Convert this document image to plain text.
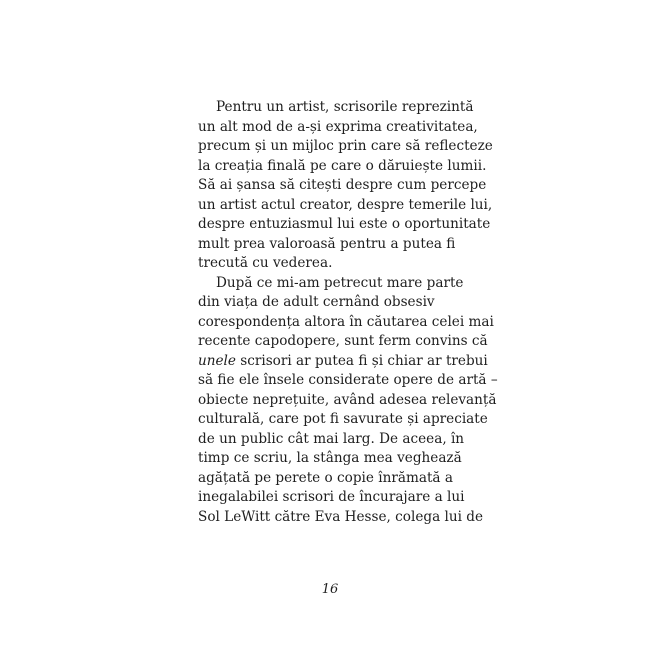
Pentru un artist, scrisorile reprezintă
un alt mod de a-și exprima creativitatea,
precum și un mijloc prin care să reflecteze
la creația finală pe care o dăruiește lumii.
Să ai șansa să citești despre cum percepe
un artist actul creator, despre temerile lui,
despre entuziasmul lui este o oportunitate
mult prea valoroasă pentru a putea fi
trecută cu vederea.
După ce mi-am petrecut mare parte
din viața de adult cernând obsesiv
corespondența altora în căutarea celei mai
recente capodopere, sunt ferm convins că
unele scrisori ar putea fi și chiar ar trebui
să fie ele însele considerate opere de artă –
obiecte neprețuite, având adesea relevanță
culturală, care pot fi savurate și apreciate
de un public cât mai larg. De aceea, în
timp ce scriu, la stânga mea veghează
agățată pe perete o copie înrămată a
inegalabilei scrisori de încurajare a lui
Sol LeWitt către Eva Hesse, colega lui de
16
